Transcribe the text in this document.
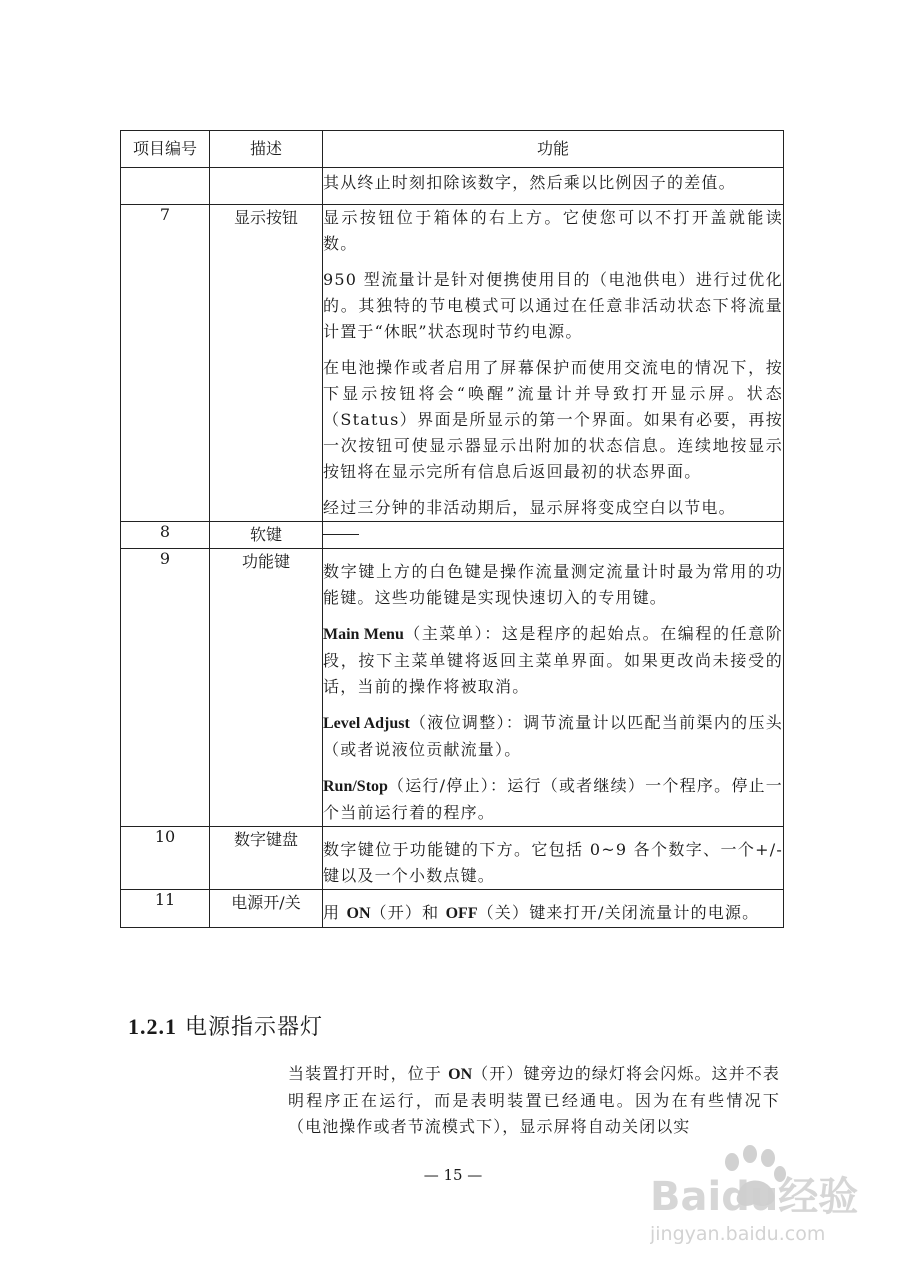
项目编号	描述	功能

		其从终止时刻扣除该数字，然后乘以比例因子的差值。

7	显示按钮	显示按钮位于箱体的右上方。它使您可以不打开盖就能读数。

950 型流量计是针对便携使用目的（电池供电）进行过优化的。其独特的节电模式可以通过在任意非活动状态下将流量计置于“休眠”状态现时节约电源。

在电池操作或者启用了屏幕保护而使用交流电的情况下，按下显示按钮将会“唤醒”流量计并导致打开显示屏。状态（Status）界面是所显示的第一个界面。如果有必要，再按一次按钮可使显示器显示出附加的状态信息。连续地按显示按钮将在显示完所有信息后返回最初的状态界面。

经过三分钟的非活动期后，显示屏将变成空白以节电。

8	软键	
9	功能键	数字键上方的白色键是操作流量测定流量计时最为常用的功能键。这些功能键是实现快速切入的专用键。

Main Menu（主菜单）：这是程序的起始点。在编程的任意阶段，按下主菜单键将返回主菜单界面。如果更改尚未接受的话，当前的操作将被取消。

Level Adjust（液位调整）：调节流量计以匹配当前渠内的压头（或者说液位贡献流量）。

Run/Stop（运行/停止）：运行（或者继续）一个程序。停止一个当前运行着的程序。

10	数字键盘	数字键位于功能键的下方。它包括 0~9 各个数字、一个+/-键以及一个小数点键。

11	电源开/关	用 ON（开）和 OFF（关）键来打开/关闭流量计的电源。

1.2.1 电源指示器灯

当装置打开时，位于 ON（开）键旁边的绿灯将会闪烁。这并不表明程序正在运行，而是表明装置已经通电。因为在有些情况下（电池操作或者节流模式下），显示屏将自动关闭以实

— 15 —	Baidu经验
jingyan.baidu.com
